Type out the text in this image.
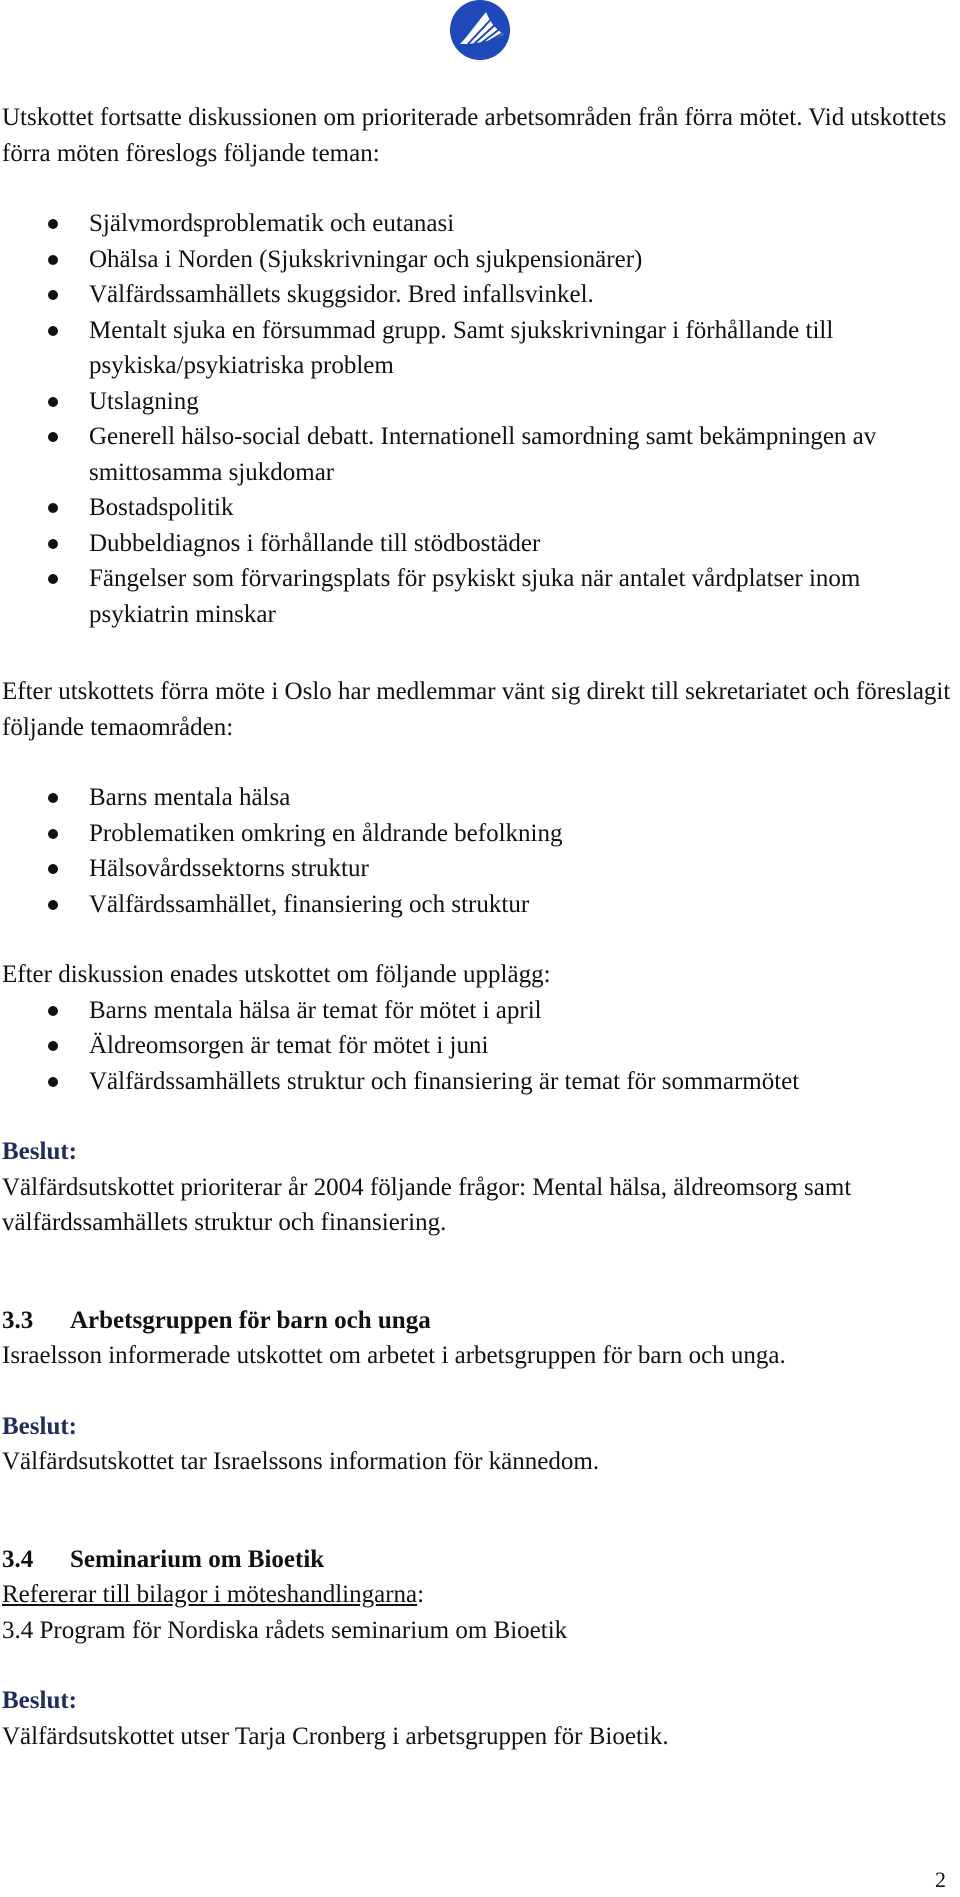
Utskottet fortsatte diskussionen om prioriterade arbetsområden från förra mötet. Vid utskottets förra möten föreslogs följande teman:

Självmordsproblematik och eutanasi
Ohälsa i Norden (Sjukskrivningar och sjukpensionärer)
Välfärdssamhällets skuggsidor. Bred infallsvinkel.
Mentalt sjuka en försummad grupp. Samt sjukskrivningar i förhållande till psykiska/psykiatriska problem
Utslagning
Generell hälso-social debatt. Internationell samordning samt bekämpningen av smittosamma sjukdomar
Bostadspolitik
Dubbeldiagnos i förhållande till stödbostäder
Fängelser som förvaringsplats för psykiskt sjuka när antalet vårdplatser inom psykiatrin minskar

Efter utskottets förra möte i Oslo har medlemmar vänt sig direkt till sekretariatet och föreslagit följande temaområden:

Barns mentala hälsa
Problematiken omkring en åldrande befolkning
Hälsovårdssektorns struktur
Välfärdssamhället, finansiering och struktur

Efter diskussion enades utskottet om följande upplägg:

Barns mentala hälsa är temat för mötet i april
Äldreomsorgen är temat för mötet i juni
Välfärdssamhällets struktur och finansiering är temat för sommarmötet

Beslut:

Välfärdsutskottet prioriterar år 2004 följande frågor: Mental hälsa, äldreomsorg samt välfärdssamhällets struktur och finansiering.

3.3 Arbetsgruppen för barn och unga

Israelsson informerade utskottet om arbetet i arbetsgruppen för barn och unga.

Beslut:

Välfärdsutskottet tar Israelssons information för kännedom.

3.4 Seminarium om Bioetik

Refererar till bilagor i möteshandlingarna:

3.4 Program för Nordiska rådets seminarium om Bioetik

Beslut:

Välfärdsutskottet utser Tarja Cronberg i arbetsgruppen för Bioetik.

2
